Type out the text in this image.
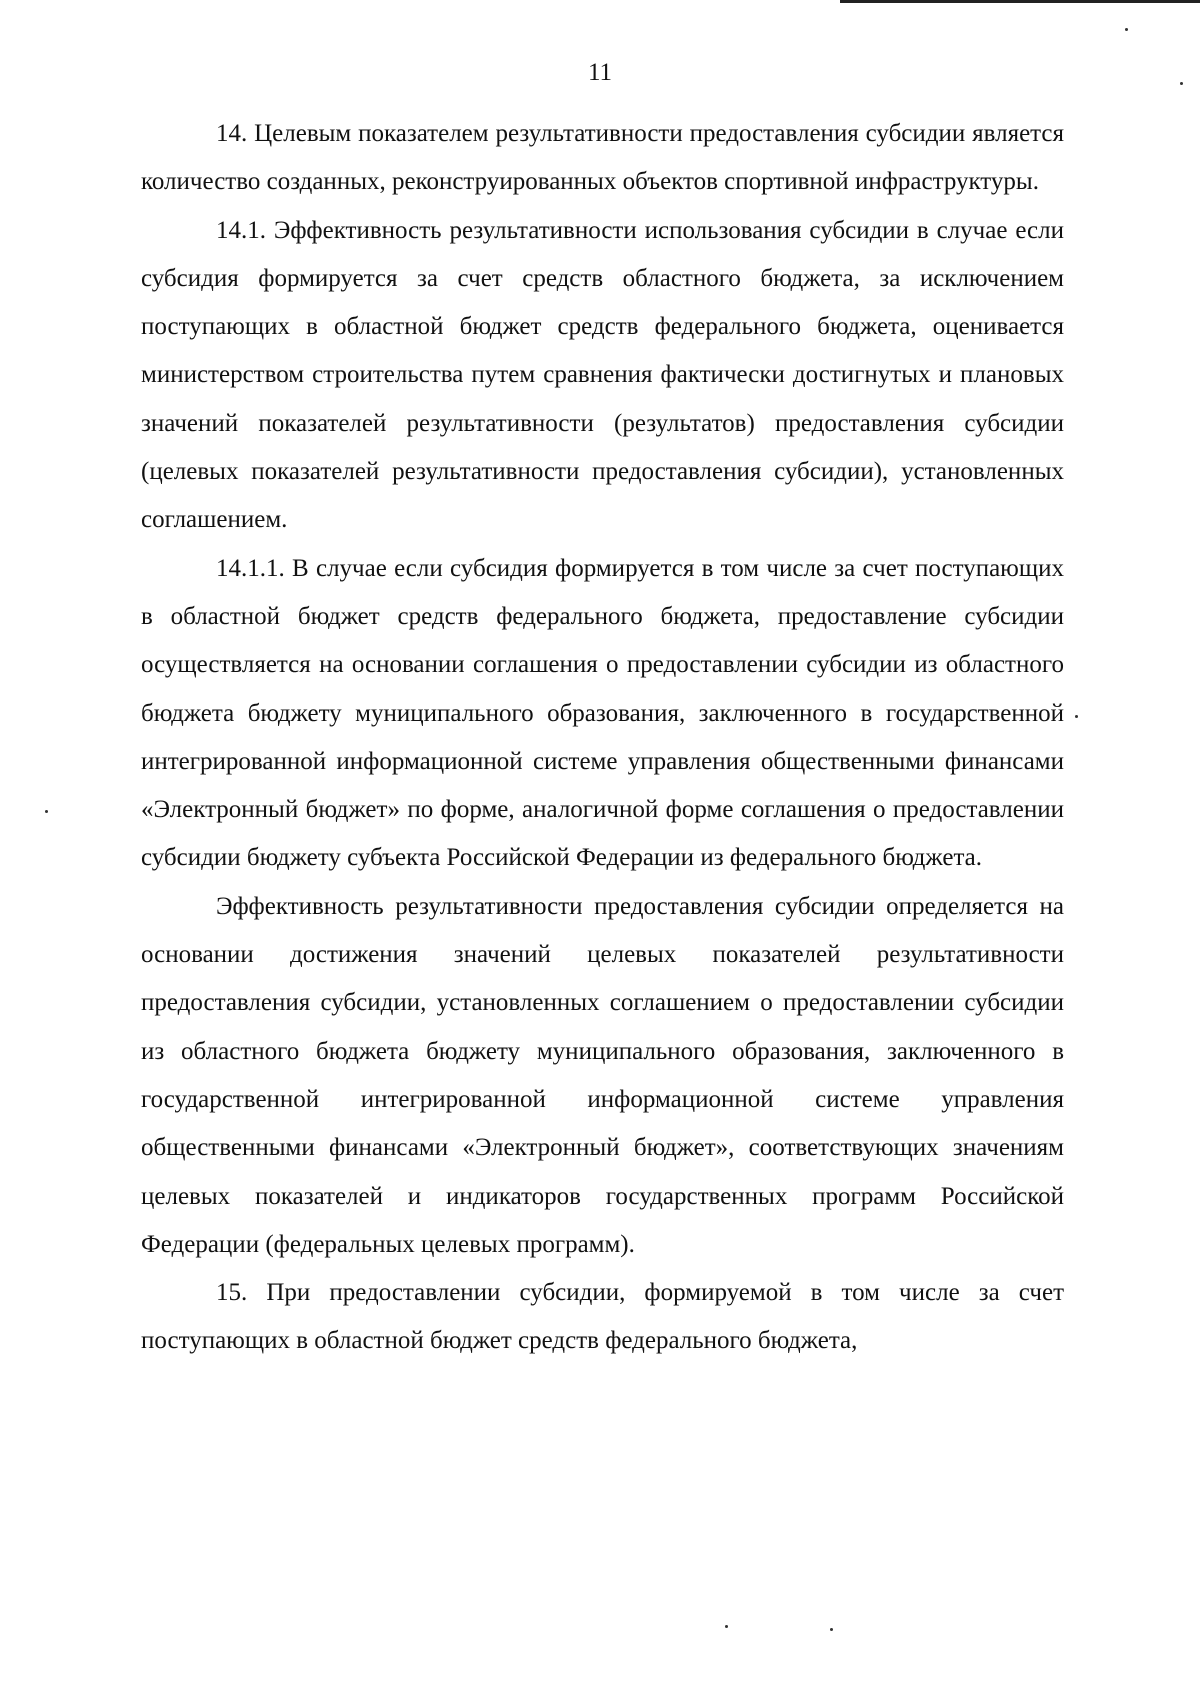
11

14. Целевым показателем результативности предоставления субсидии является количество созданных, реконструированных объектов спортивной инфраструктуры.

14.1. Эффективность результативности использования субсидии в случае если субсидия формируется за счет средств областного бюджета, за исключением поступающих в областной бюджет средств федерального бюджета, оценивается министерством строительства путем сравнения фактически достигнутых и плановых значений показателей результативности (результатов) предоставления субсидии (целевых показателей результативности предоставления субсидии), установленных соглашением.

14.1.1. В случае если субсидия формируется в том числе за счет поступающих в областной бюджет средств федерального бюджета, предоставление субсидии осуществляется на основании соглашения о предоставлении субсидии из областного бюджета бюджету муниципального образования, заключенного в государственной интегрированной информационной системе управления общественными финансами «Электронный бюджет» по форме, аналогичной форме соглашения о предоставлении субсидии бюджету субъекта Российской Федерации из федерального бюджета.

Эффективность результативности предоставления субсидии определяется на основании достижения значений целевых показателей результативности предоставления субсидии, установленных соглашением о предоставлении субсидии из областного бюджета бюджету муниципального образования, заключенного в государственной интегрированной информационной системе управления общественными финансами «Электронный бюджет», соответствующих значениям целевых показателей и индикаторов государственных программ Российской Федерации (федеральных целевых программ).

15. При предоставлении субсидии, формируемой в том числе за счет поступающих в областной бюджет средств федерального бюджета,
